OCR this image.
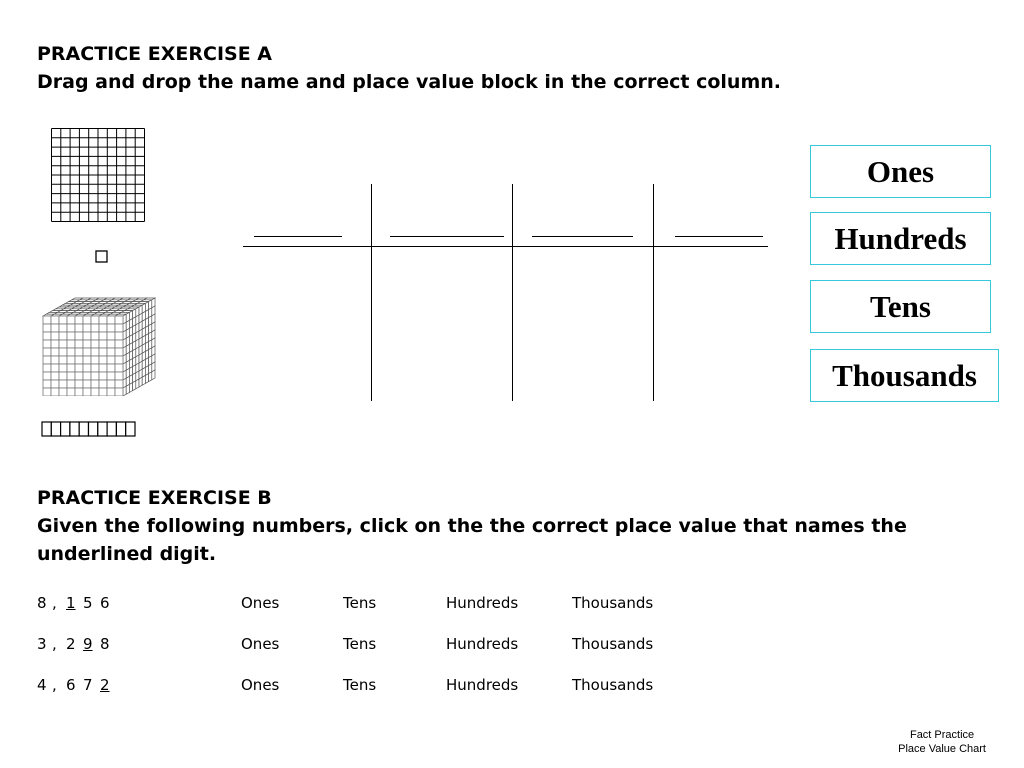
PRACTICE EXERCISE A
Drag and drop the name and place value block in the correct column.
Ones
Hundreds
Tens
Thousands
PRACTICE EXERCISE B
Given the following numbers, click on the the correct place value that names the underlined digit.
8 , 1 5 6	Ones	Tens	Hundreds	Thousands
3 , 2 9 8	Ones	Tens	Hundreds	Thousands
4 , 6 7 2	Ones	Tens	Hundreds	Thousands
Fact Practice
Place Value Chart
